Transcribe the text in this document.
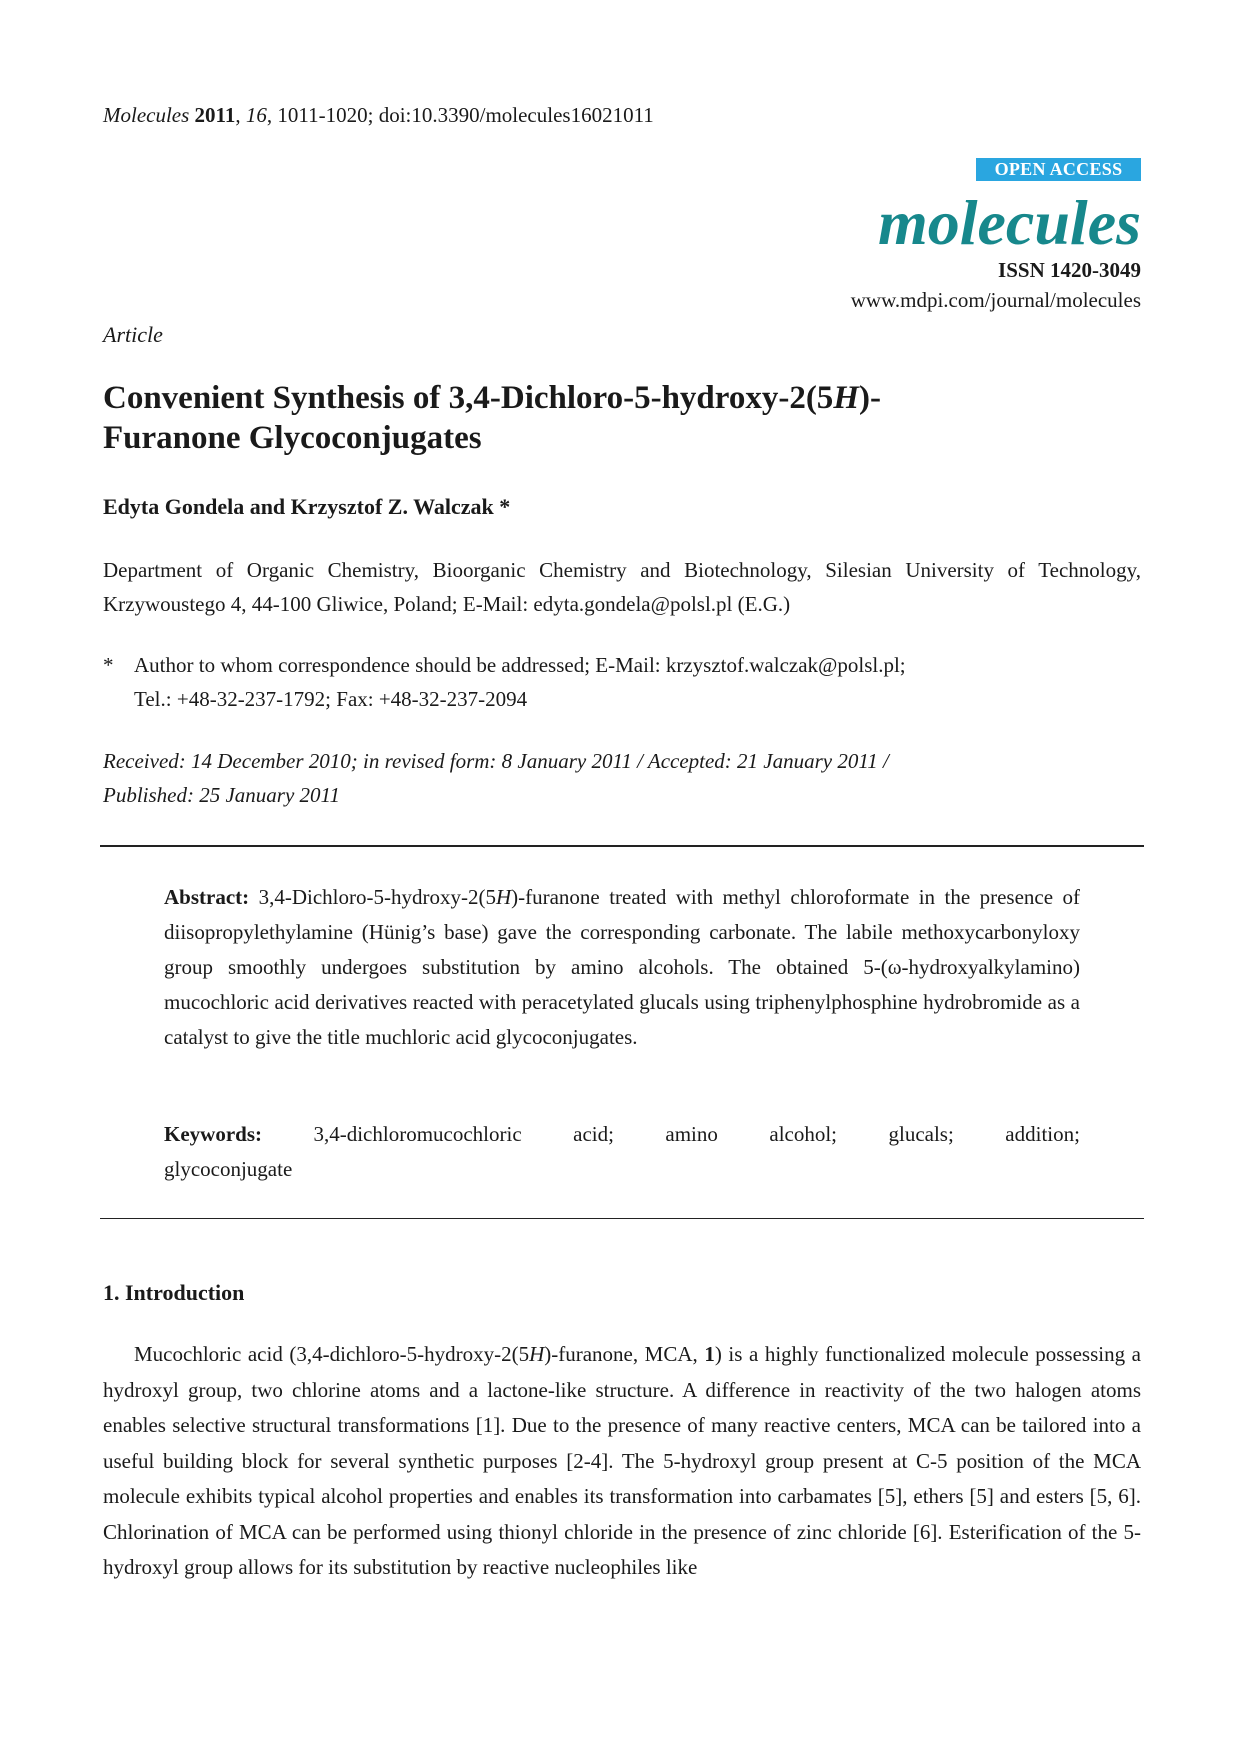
Molecules 2011, 16, 1011-1020; doi:10.3390/molecules16021011
OPEN ACCESS
molecules
ISSN 1420-3049
www.mdpi.com/journal/molecules
Article
Convenient Synthesis of 3,4-Dichloro-5-hydroxy-2(5H)-
Furanone Glycoconjugates
Edyta Gondela and Krzysztof Z. Walczak *
Department of Organic Chemistry, Bioorganic Chemistry and Biotechnology, Silesian University of Technology, Krzywoustego 4, 44-100 Gliwice, Poland; E-Mail: edyta.gondela@polsl.pl (E.G.)
* Author to whom correspondence should be addressed; E-Mail: krzysztof.walczak@polsl.pl;
Tel.: +48-32-237-1792; Fax: +48-32-237-2094
Received: 14 December 2010; in revised form: 8 January 2011 / Accepted: 21 January 2011 /
Published: 25 January 2011
Abstract: 3,4-Dichloro-5-hydroxy-2(5H)-furanone treated with methyl chloroformate in the presence of diisopropylethylamine (Hünig’s base) gave the corresponding carbonate. The labile methoxycarbonyloxy group smoothly undergoes substitution by amino alcohols. The obtained 5-(ω-hydroxyalkylamino) mucochloric acid derivatives reacted with peracetylated glucals using triphenylphosphine hydrobromide as a catalyst to give the title muchloric acid glycoconjugates.
Keywords: 3,4-dichloromucochloric acid; amino alcohol; glucals; addition;
glycoconjugate
1. Introduction

Mucochloric acid (3,4-dichloro-5-hydroxy-2(5H)-furanone, MCA, 1) is a highly functionalized molecule possessing a hydroxyl group, two chlorine atoms and a lactone-like structure. A difference in reactivity of the two halogen atoms enables selective structural transformations [1]. Due to the presence of many reactive centers, MCA can be tailored into a useful building block for several synthetic purposes [2-4]. The 5-hydroxyl group present at C-5 position of the MCA molecule exhibits typical alcohol properties and enables its transformation into carbamates [5], ethers [5] and esters [5, 6]. Chlorination of MCA can be performed using thionyl chloride in the presence of zinc chloride [6]. Esterification of the 5-hydroxyl group allows for its substitution by reactive nucleophiles like
